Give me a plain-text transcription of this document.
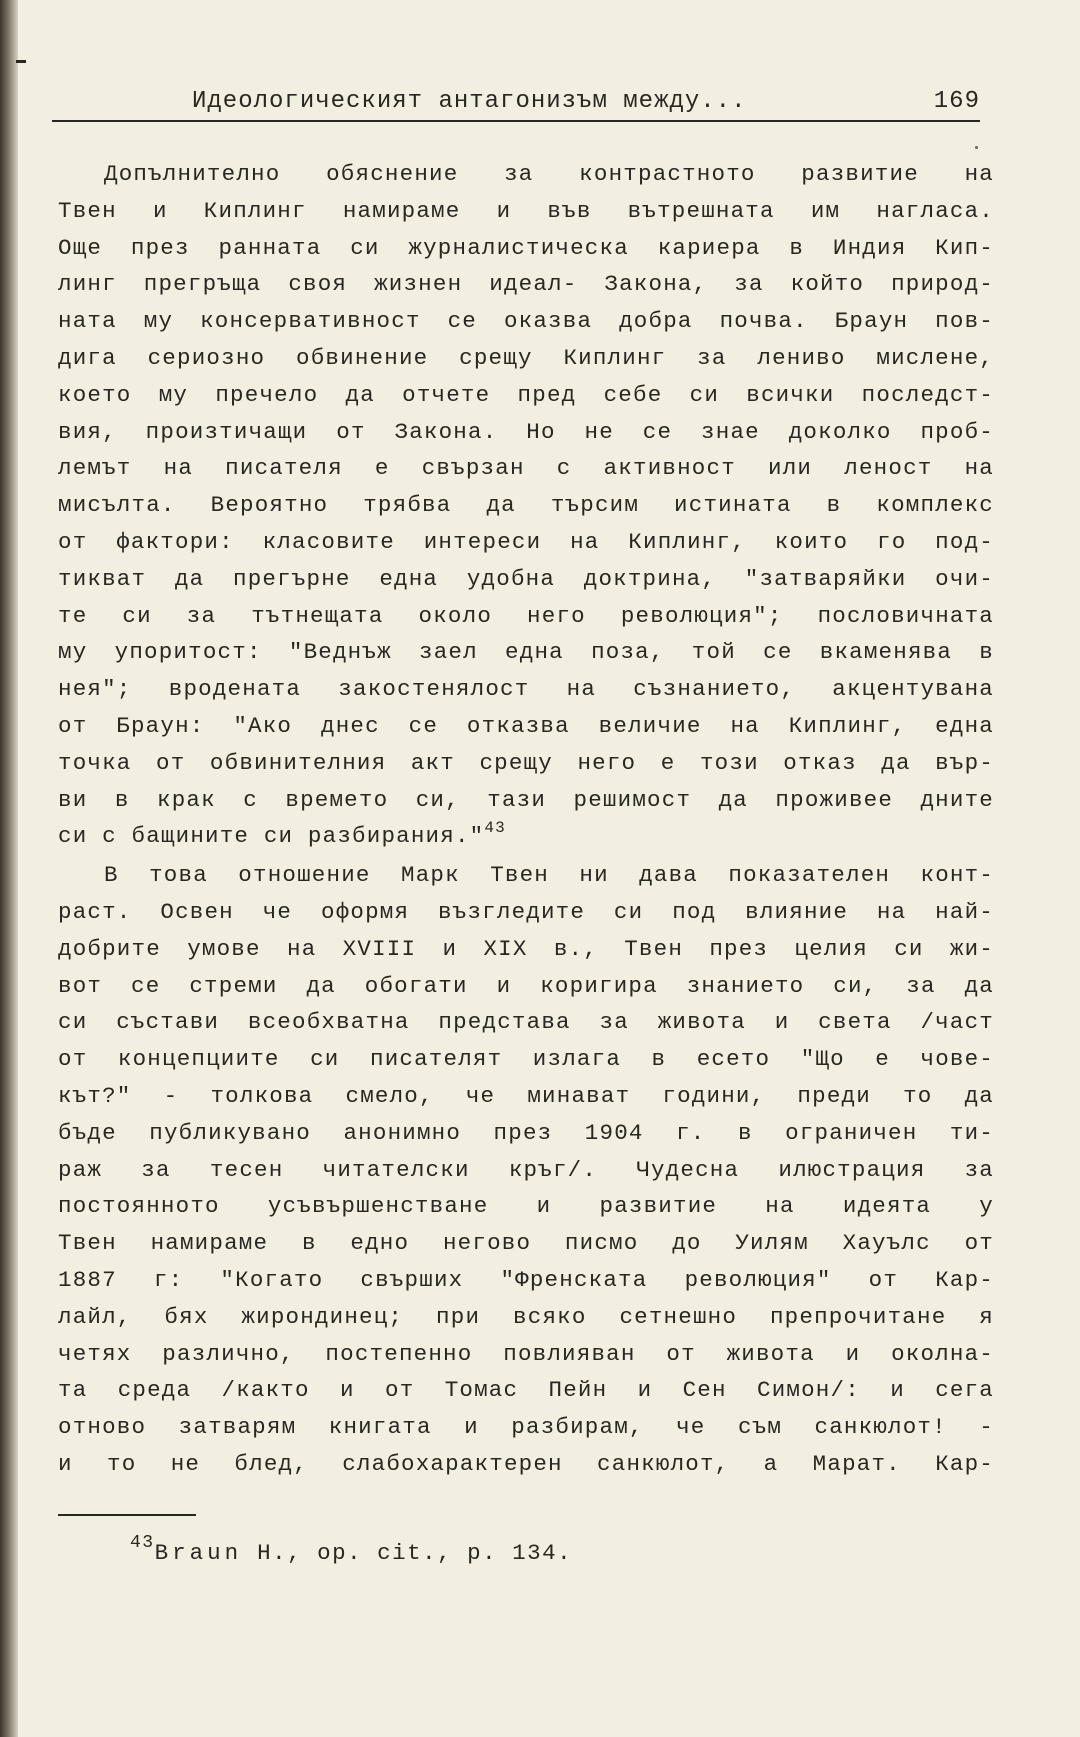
Идеологическият антагонизъм между...	169
Допълнително обяснение за контрастното развитие на
Твен и Киплинг намираме и във вътрешната им нагласа.
Още през ранната си журналистическа кариера в Индия Кип-
линг прегръща своя жизнен идеал- Закона, за който природ-
ната му консервативност се оказва добра почва. Браун пов-
дига сериозно обвинение срещу Киплинг за лениво мислене,
което му пречело да отчете пред себе си всички последст-
вия, произтичащи от Закона. Но не се знае доколко проб-
лемът на писателя е свързан с активност или леност на
мисълта. Вероятно трябва да търсим истината в комплекс
от фактори: класовите интереси на Киплинг, които го под-
тикват да прегърне една удобна доктрина, "затваряйки очи-
те си за тътнещата около него революция"; пословичната
му упоритост: "Веднъж заел една поза, той се вкаменява в
нея"; вродената закостенялост на съзнанието, акцентувана
от Браун: "Ако днес се отказва величие на Киплинг, една
точка от обвинителния акт срещу него е този отказ да вър-
ви в крак с времето си, тази решимост да проживее дните
си с бащините си разбирания."$^{43}$
В това отношение Марк Твен ни дава показателен конт-
раст. Освен че оформя възгледите си под влияние на най-
добрите умове на XVIII и XIX в., Твен през целия си жи-
вот се стреми да обогати и коригира знанието си, за да
си състави всеобхватна представа за живота и света /част
от концепциите си писателят излага в есето "Що е чове-
кът?" - толкова смело, че минават години, преди то да
бъде публикувано анонимно през 1904 г. в ограничен ти-
раж за тесен читателски кръг/. Чудесна илюстрация за
постоянното усъвършенстване и развитие на идеята у
Твен намираме в едно негово писмо до Уилям Хауълс от
1887 г: "Когато свърших "Френската революция" от Кар-
лайл, бях жирондинец; при всяко сетнешно препрочитане я
четях различно, постепенно повлияван от живота и околна-
та среда /както и от Томас Пейн и Сен Симон/: и сега
отново затварям книгата и разбирам, че съм санкюлот! -
и то не блед, слабохарактерен санкюлот, а Марат. Кар-
$^{43}$Braun H., op. cit., p. 134.
